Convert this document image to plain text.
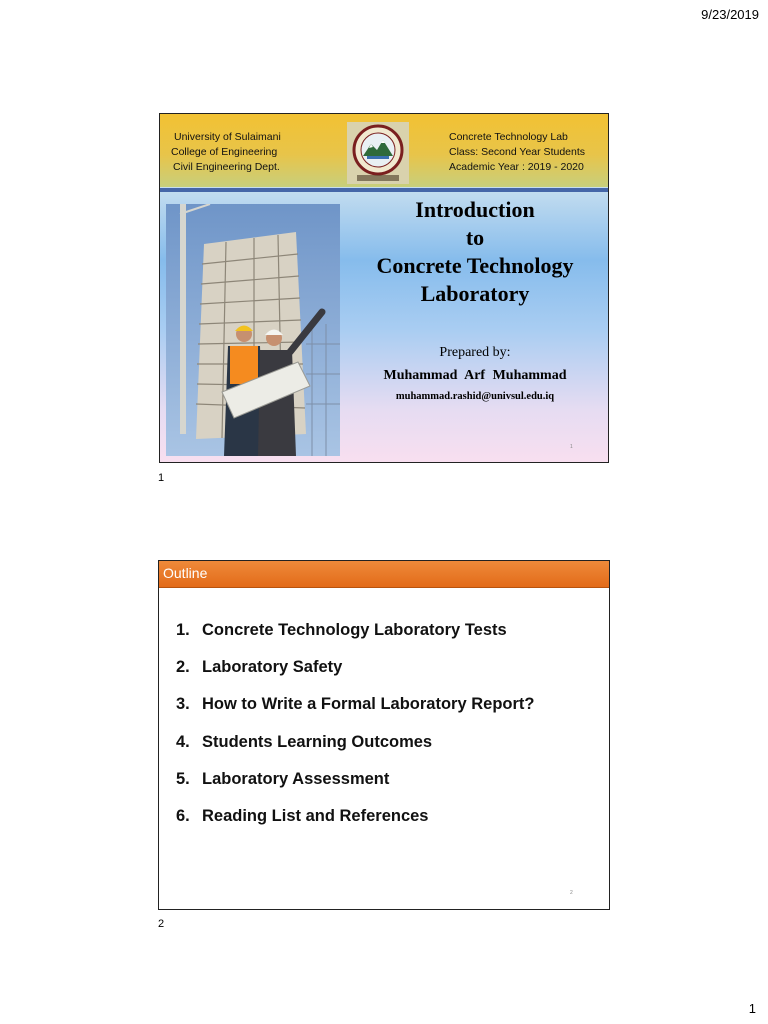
9/23/2019
University of Sulaimani
College of Engineering
Civil Engineering Dept.
Concrete Technology Lab
Class: Second Year Students
Academic Year : 2019 - 2020
Introduction
to
Concrete Technology
Laboratory
Prepared by:
Muhammad Arf Muhammad
muhammad.rashid@univsul.edu.iq
1
1
Outline
1. Concrete Technology Laboratory Tests
2. Laboratory Safety
3. How to Write a Formal Laboratory Report?
4. Students Learning Outcomes
5. Laboratory Assessment
6. Reading List and References
2
2
1
